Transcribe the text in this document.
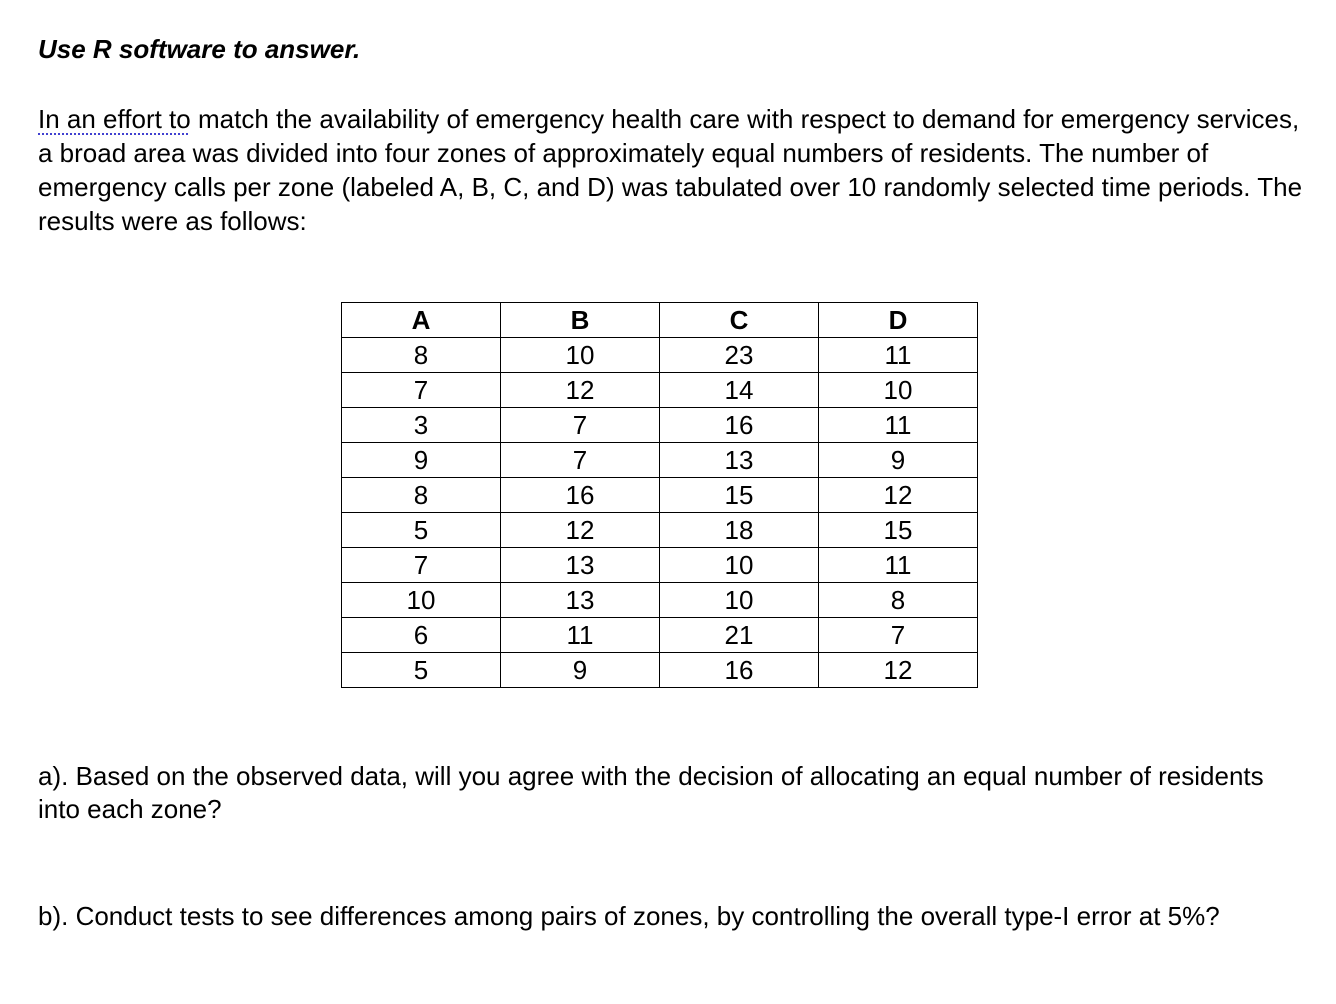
Use R software to answer.

In an effort to match the availability of emergency health care with respect to demand for emergency services, a broad area was divided into four zones of approximately equal numbers of residents. The number of emergency calls per zone (labeled A, B, C, and D) was tabulated over 10 randomly selected time periods. The results were as follows:

A	B	C	D
8	10	23	11
7	12	14	10
3	7	16	11
9	7	13	9
8	16	15	12
5	12	18	15
7	13	10	11
10	13	10	8
6	11	21	7
5	9	16	12

a). Based on the observed data, will you agree with the decision of allocating an equal number of residents into each zone?

b). Conduct tests to see differences among pairs of zones, by controlling the overall type-I error at 5%?
